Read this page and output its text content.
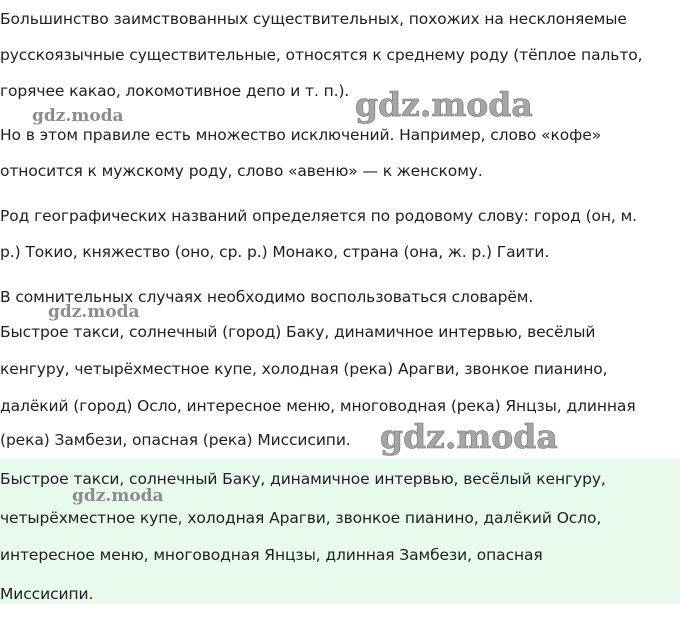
Большинство заимствованных существительных, похожих на несклоняемые
русскоязычные существительные, относятся к среднему роду (тёплое пальто,
горячее какао, локомотивное депо и т. п.).
Но в этом правиле есть множество исключений. Например, слово «кофе»
относится к мужскому роду, слово «авеню» — к женскому.
Род географических названий определяется по родовому слову: город (он, м.
р.) Токио, княжество (оно, ср. р.) Монако, страна (она, ж. р.) Гаити.
В сомнительных случаях необходимо воспользоваться словарём.
Быстрое такси, солнечный (город) Баку, динамичное интервью, весёлый
кенгуру, четырёхместное купе, холодная (река) Арагви, звонкое пианино,
далёкий (город) Осло, интересное меню, многоводная (река) Янцзы, длинная
(река) Замбези, опасная (река) Миссисипи.
Быстрое такси, солнечный Баку, динамичное интервью, весёлый кенгуру,
четырёхместное купе, холодная Арагви, звонкое пианино, далёкий Осло,
интересное меню, многоводная Янцзы, длинная Замбези, опасная
Миссисипи.
gdz.moda	gdz.moda
gdz.moda
gdz.moda
gdz.moda
